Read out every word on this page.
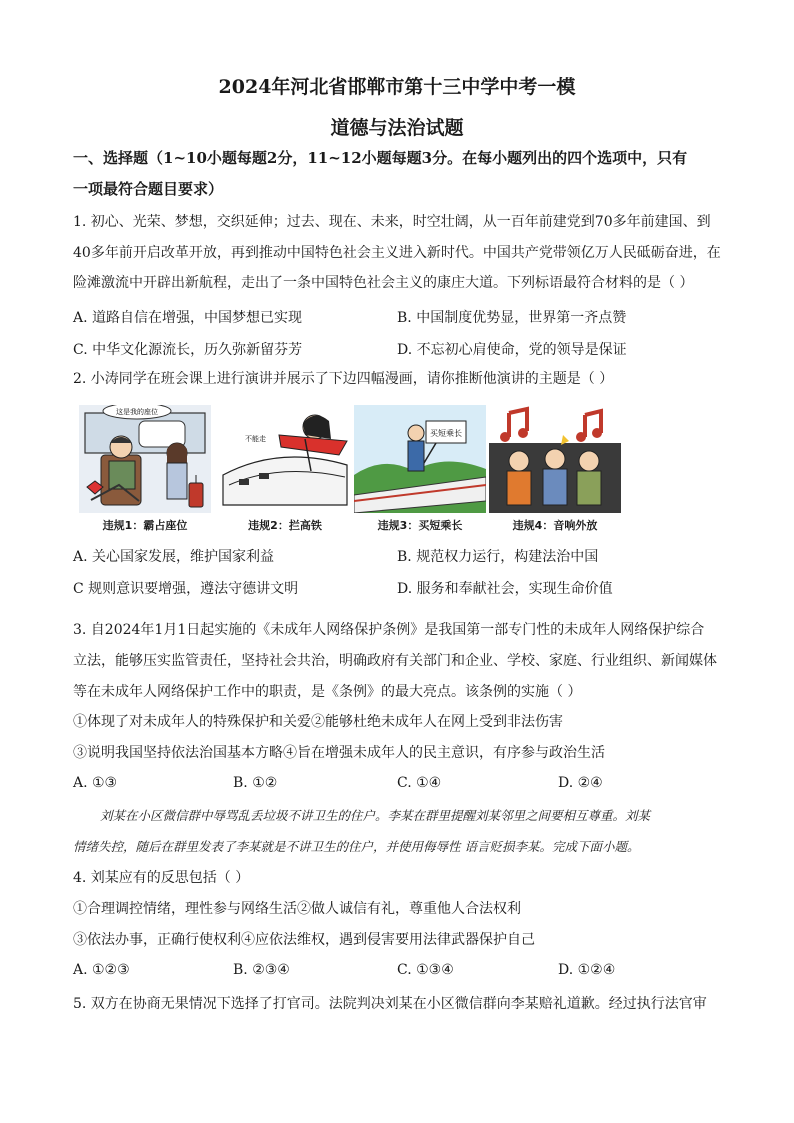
2024年河北省邯郸市第十三中学中考一模
道德与法治试题
一、选择题（1~10小题每题2分，11~12小题每题3分。在每小题列出的四个选项中，只有
一项最符合题目要求）
1. 初心、光荣、梦想，交织延伸；过去、现在、未来，时空壮阔，从一百年前建党到70多年前建国、到
40多年前开启改革开放，再到推动中国特色社会主义进入新时代。中国共产党带领亿万人民砥砺奋进，在
险滩激流中开辟出新航程，走出了一条中国特色社会主义的康庄大道。下列标语最符合材料的是（ ）
A. 道路自信在增强，中国梦想已实现	B. 中国制度优势显，世界第一齐点赞
C. 中华文化源流长，历久弥新留芬芳	D. 不忘初心肩使命，党的领导是保证
2. 小涛同学在班会课上进行演讲并展示了下边四幅漫画，请你推断他演讲的主题是（ ）
这是我的座位
违规1：霸占座位
不能走
违规2：拦高铁
买短乘长
违规3：买短乘长	违规4：音响外放
A. 关心国家发展，维护国家利益	B. 规范权力运行，构建法治中国
C 规则意识要增强，遵法守德讲文明	D. 服务和奉献社会，实现生命价值
3. 自2024年1月1日起实施的《未成年人网络保护条例》是我国第一部专门性的未成年人网络保护综合
立法，能够压实监管责任，坚持社会共治，明确政府有关部门和企业、学校、家庭、行业组织、新闻媒体
等在未成年人网络保护工作中的职责，是《条例》的最大亮点。该条例的实施（ ）
①体现了对未成年人的特殊保护和关爱②能够杜绝未成年人在网上受到非法伤害
③说明我国坚持依法治国基本方略④旨在增强未成年人的民主意识，有序参与政治生活
A. ①③	B. ①②	C. ①④	D. ②④
刘某在小区微信群中辱骂乱丢垃圾不讲卫生的住户。李某在群里提醒刘某邻里之间要相互尊重。刘某
情绪失控，随后在群里发表了李某就是不讲卫生的住户，并使用侮辱性 语言贬损李某。完成下面小题。
4. 刘某应有的反思包括（ ）
①合理调控情绪，理性参与网络生活②做人诚信有礼，尊重他人合法权利
③依法办事，正确行使权利④应依法维权，遇到侵害要用法律武器保护自己
A. ①②③	B. ②③④	C. ①③④	D. ①②④
5. 双方在协商无果情况下选择了打官司。法院判决刘某在小区微信群向李某赔礼道歉。经过执行法官审
